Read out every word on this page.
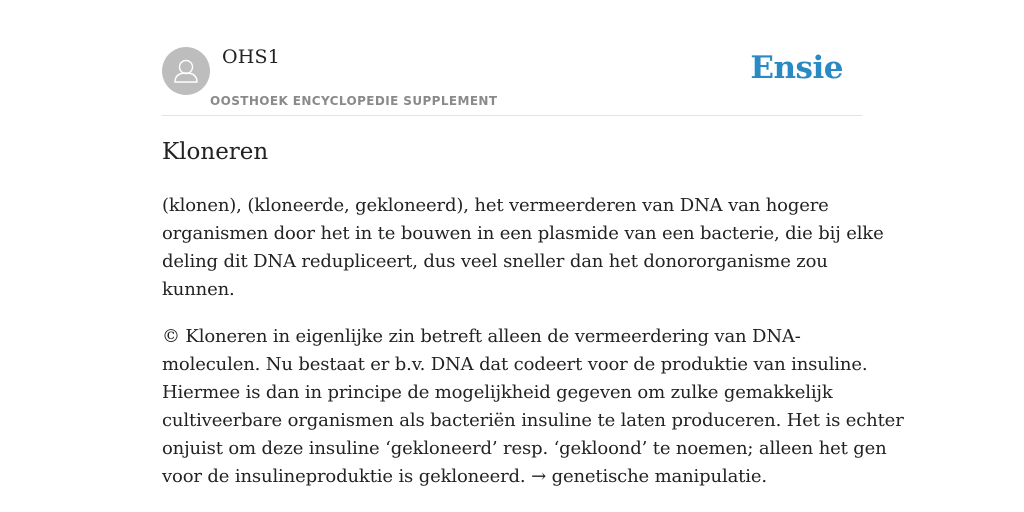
OHS1
OOSTHOEK ENCYCLOPEDIE SUPPLEMENT
Ensie
Kloneren

(klonen), (kloneerde, gekloneerd), het vermeerderen van DNA van hogere
organismen door het in te bouwen in een plasmide van een bacterie, die bij elke
deling dit DNA redupliceert, dus veel sneller dan het donororganisme zou
kunnen.

© Kloneren in eigenlijke zin betreft alleen de vermeerdering van DNA-
moleculen. Nu bestaat er b.v. DNA dat codeert voor de produktie van insuline.
Hiermee is dan in principe de mogelijkheid gegeven om zulke gemakkelijk
cultiveerbare organismen als bacteriën insuline te laten produceren. Het is echter
onjuist om deze insuline ‘gekloneerd’ resp. ‘gekloond’ te noemen; alleen het gen
voor de insulineproduktie is gekloneerd. → genetische manipulatie.
